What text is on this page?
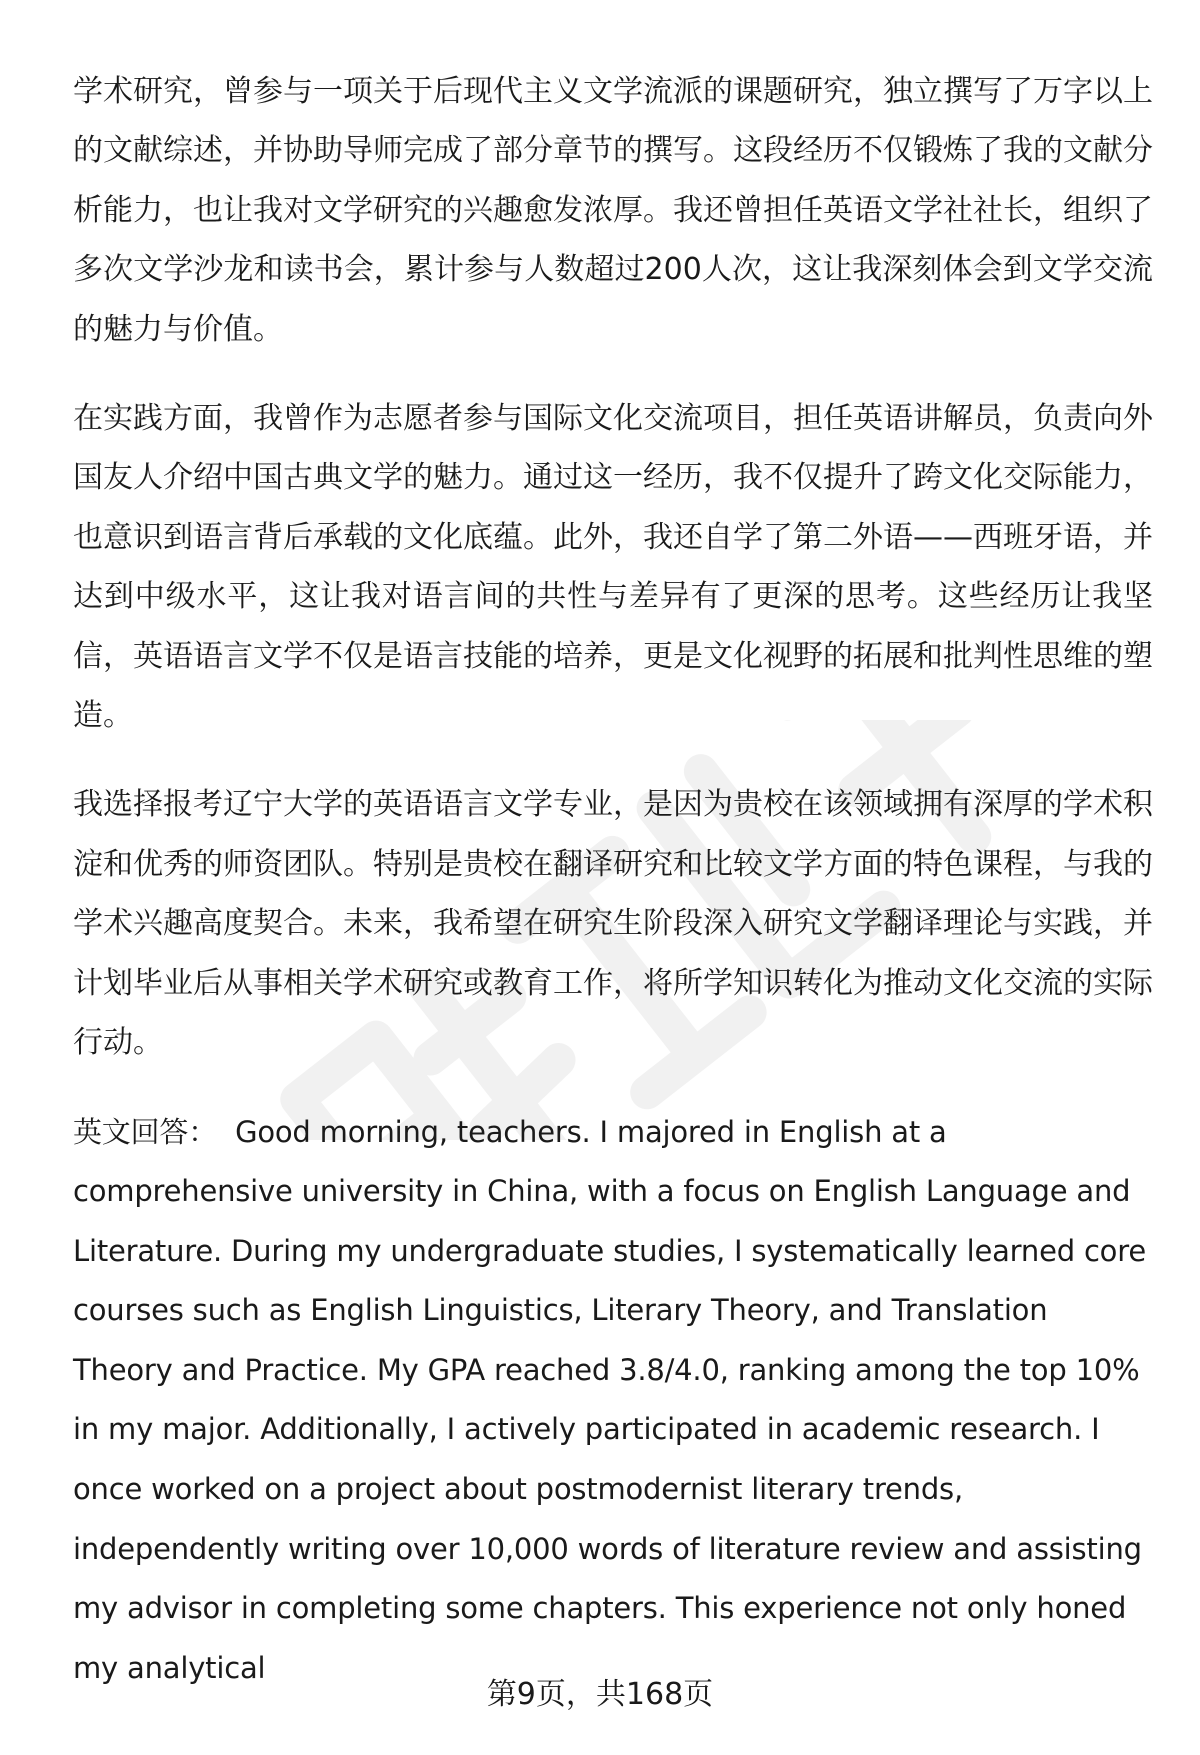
学术研究，曾参与一项关于后现代主义文学流派的课题研究，独立撰写了万字以上的文献综述，并协助导师完成了部分章节的撰写。这段经历不仅锻炼了我的文献分析能力，也让我对文学研究的兴趣愈发浓厚。我还曾担任英语文学社社长，组织了多次文学沙龙和读书会，累计参与人数超过200人次，这让我深刻体会到文学交流的魅力与价值。

在实践方面，我曾作为志愿者参与国际文化交流项目，担任英语讲解员，负责向外国友人介绍中国古典文学的魅力。通过这一经历，我不仅提升了跨文化交际能力，也意识到语言背后承载的文化底蕴。此外，我还自学了第二外语——西班牙语，并达到中级水平，这让我对语言间的共性与差异有了更深的思考。这些经历让我坚信，英语语言文学不仅是语言技能的培养，更是文化视野的拓展和批判性思维的塑造。

我选择报考辽宁大学的英语语言文学专业，是因为贵校在该领域拥有深厚的学术积淀和优秀的师资团队。特别是贵校在翻译研究和比较文学方面的特色课程，与我的学术兴趣高度契合。未来，我希望在研究生阶段深入研究文学翻译理论与实践，并计划毕业后从事相关学术研究或教育工作，将所学知识转化为推动文化交流的实际行动。

英文回答： Good morning, teachers. I majored in English at a comprehensive university in China, with a focus on English Language and Literature. During my undergraduate studies, I systematically learned core courses such as English Linguistics, Literary Theory, and Translation Theory and Practice. My GPA reached 3.8/4.0, ranking among the top 10% in my major. Additionally, I actively participated in academic research. I once worked on a project about postmodernist literary trends, independently writing over 10,000 words of literature review and assisting my advisor in completing some chapters. This experience not only honed my analytical

第9页，共168页
